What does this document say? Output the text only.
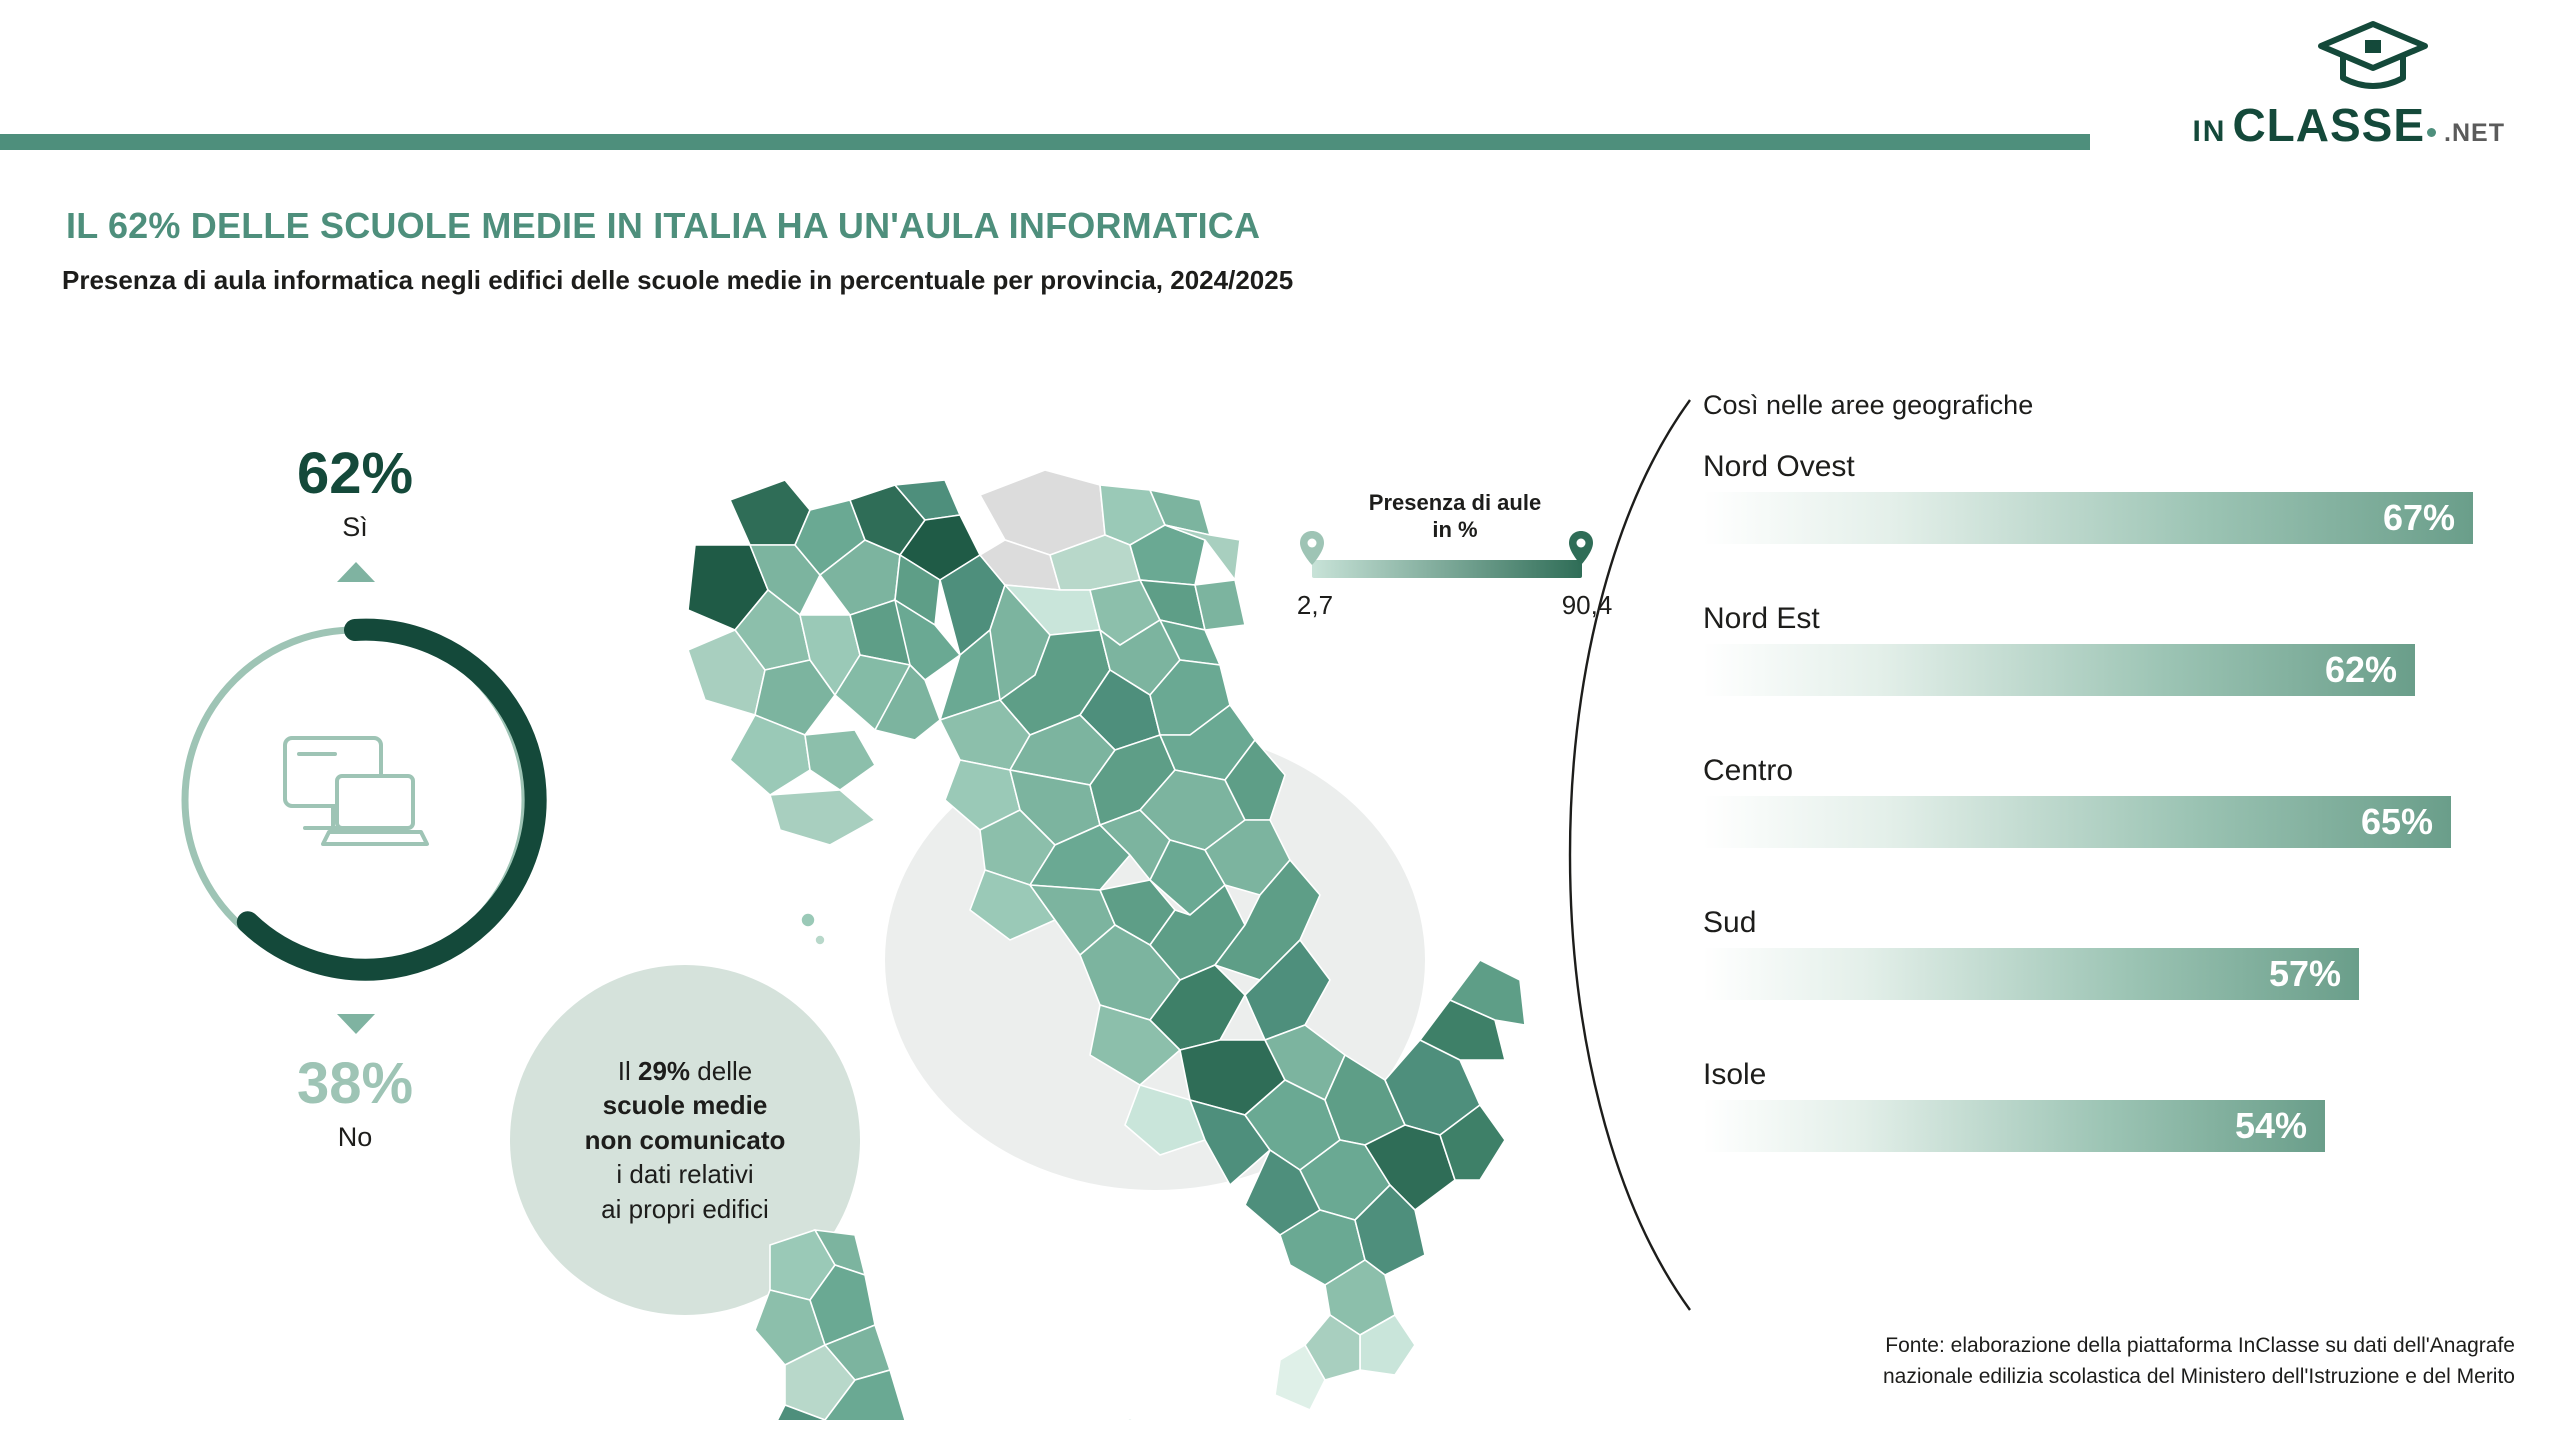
IN CLASSE .NET
IL 62% DELLE SCUOLE MEDIE IN ITALIA HA UN'AULA INFORMATICA
Presenza di aula informatica negli edifici delle scuole medie in percentuale per provincia, 2024/2025
62%
Sì
38%
No

Il 29% delle
scuole medie
non comunicato
i dati relativi
ai propri edifici

Presenza di aule in %
2,7	90,4
Così nelle aree geografiche
Nord Ovest
67%
Nord Est
62%
Centro
65%
Sud
57%
Isole
54%
Fonte: elaborazione della piattaforma InClasse su dati dell'Anagrafe
nazionale edilizia scolastica del Ministero dell'Istruzione e del Merito
